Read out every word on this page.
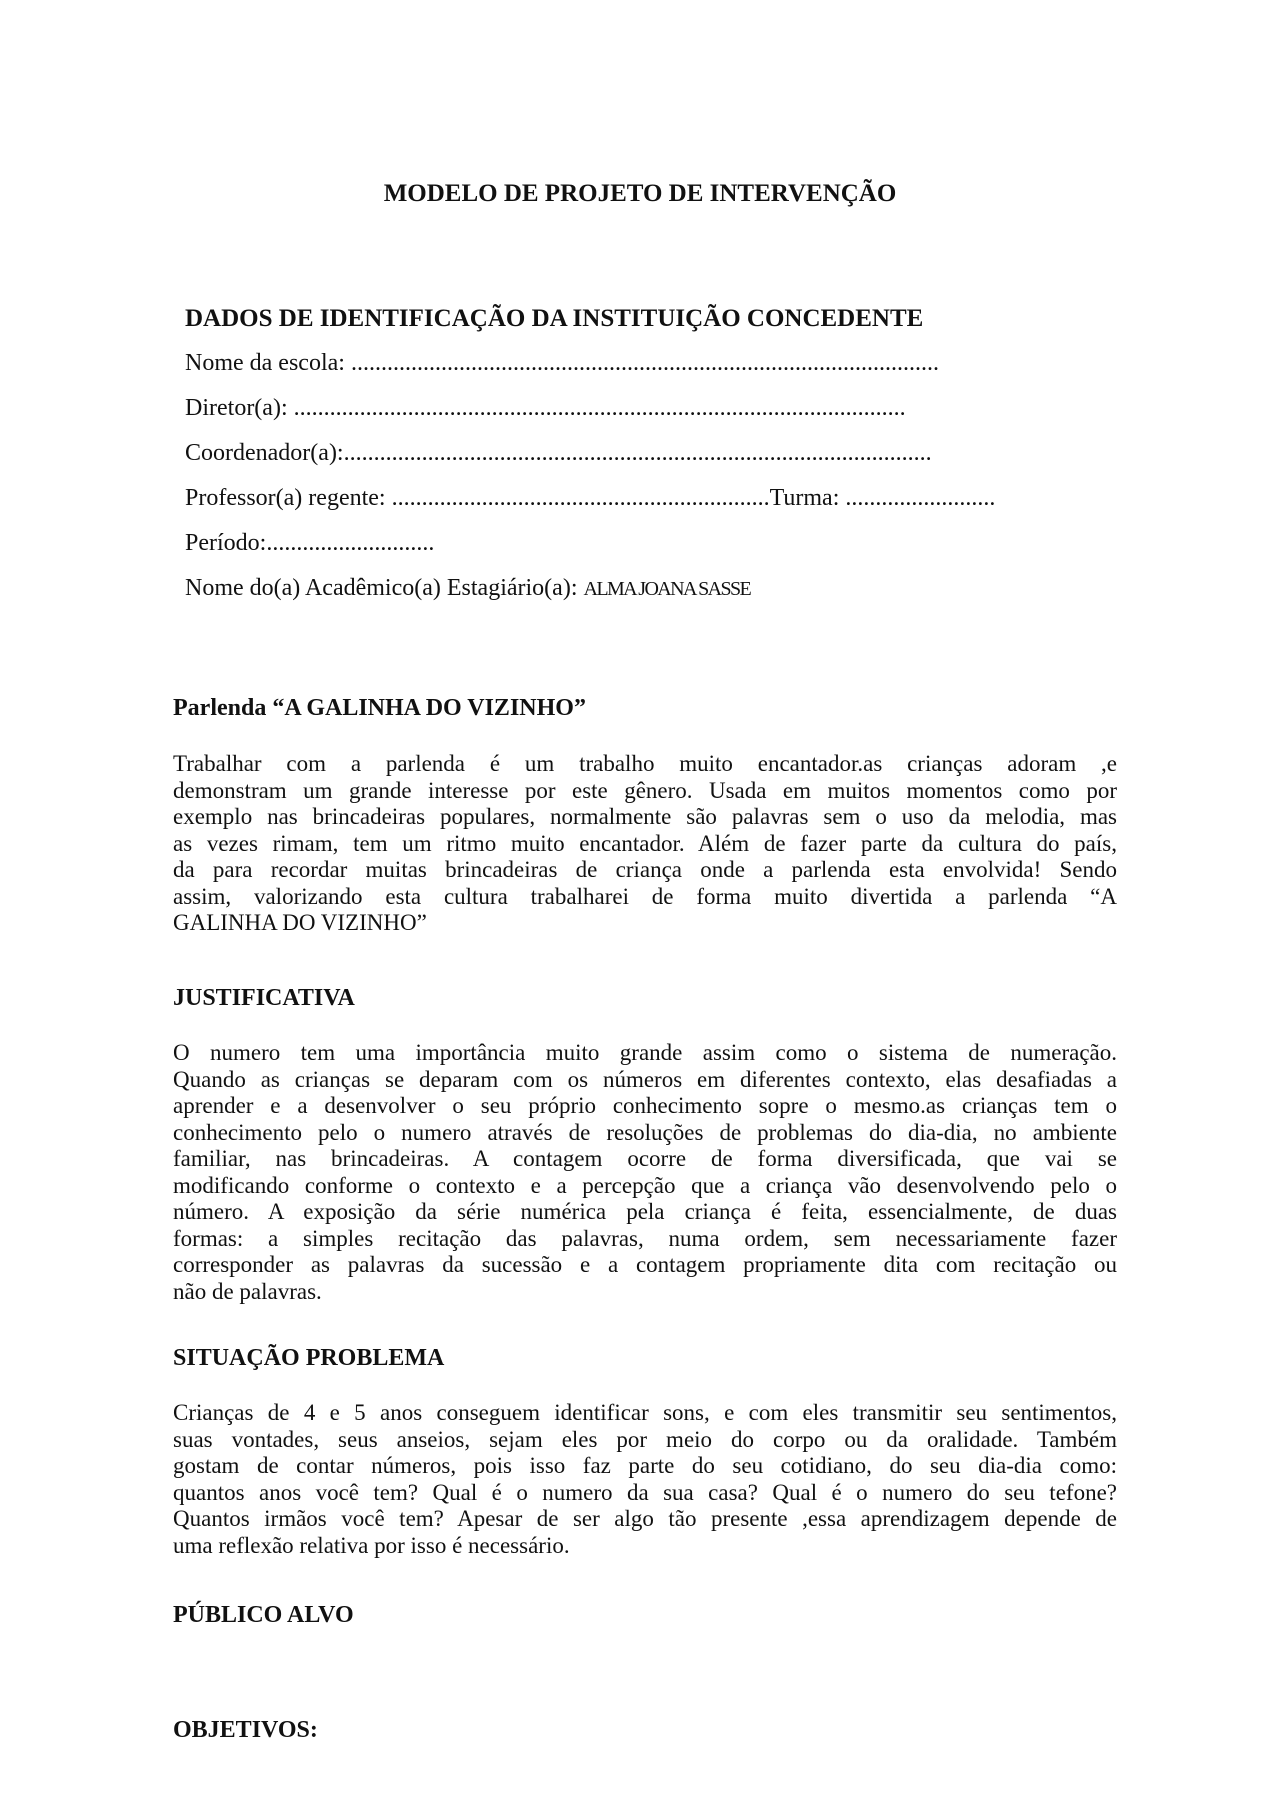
MODELO DE PROJETO DE INTERVENÇÃO
DADOS DE IDENTIFICAÇÃO DA INSTITUIÇÃO CONCEDENTE
Nome da escola: ..................................................................................................
Diretor(a): ......................................................................................................
Coordenador(a):..................................................................................................
Professor(a) regente: ...............................................................Turma: .........................
Período:............................
Nome do(a) Acadêmico(a) Estagiário(a): ALMA JOANA SASSE
Parlenda “A GALINHA DO VIZINHO”
Trabalhar com a parlenda é um trabalho muito encantador.as crianças adoram ,e
demonstram um grande interesse por este gênero. Usada em muitos momentos como por
exemplo nas brincadeiras populares, normalmente são palavras sem o uso da melodia, mas
as vezes rimam, tem um ritmo muito encantador. Além de fazer parte da cultura do país,
da para recordar muitas brincadeiras de criança onde a parlenda esta envolvida! Sendo
assim, valorizando esta cultura trabalharei de forma muito divertida a parlenda “A
GALINHA DO VIZINHO”
JUSTIFICATIVA
O numero tem uma importância muito grande assim como o sistema de numeração.
Quando as crianças se deparam com os números em diferentes contexto, elas desafiadas a
aprender e a desenvolver o seu próprio conhecimento sopre o mesmo.as crianças tem o
conhecimento pelo o numero através de resoluções de problemas do dia-dia, no ambiente
familiar, nas brincadeiras. A contagem ocorre de forma diversificada, que vai se
modificando conforme o contexto e a percepção que a criança vão desenvolvendo pelo o
número. A exposição da série numérica pela criança é feita, essencialmente, de duas
formas: a simples recitação das palavras, numa ordem, sem necessariamente fazer
corresponder as palavras da sucessão e a contagem propriamente dita com recitação ou
não de palavras.
SITUAÇÃO PROBLEMA
Crianças de 4 e 5 anos conseguem identificar sons, e com eles transmitir seu sentimentos,
suas vontades, seus anseios, sejam eles por meio do corpo ou da oralidade. Também
gostam de contar números, pois isso faz parte do seu cotidiano, do seu dia-dia como:
quantos anos você tem? Qual é o numero da sua casa? Qual é o numero do seu tefone?
Quantos irmãos você tem? Apesar de ser algo tão presente ,essa aprendizagem depende de
uma reflexão relativa por isso é necessário.
PÚBLICO ALVO
OBJETIVOS:
